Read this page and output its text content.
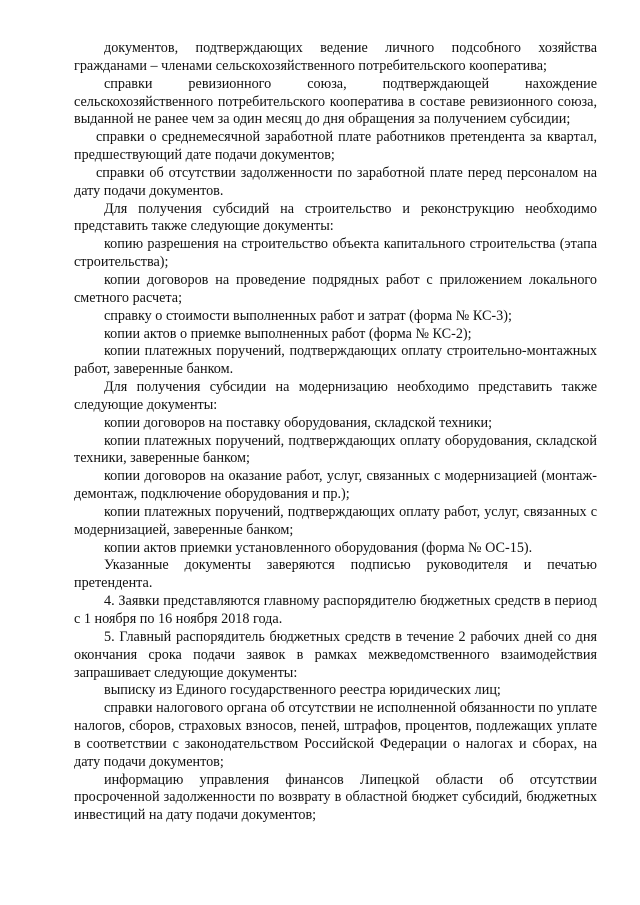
документов, подтверждающих ведение личного подсобного хозяйства гражданами – членами сельскохозяйственного потребительского кооператива;

справки ревизионного союза, подтверждающей нахождение сельскохозяйственного потребительского кооператива в составе ревизионного союза, выданной не ранее чем за один месяц до дня обращения за получением субсидии;

справки о среднемесячной заработной плате работников претендента за квартал, предшествующий дате подачи документов;

справки об отсутствии задолженности по заработной плате перед персоналом на дату подачи документов.

Для получения субсидий на строительство и реконструкцию необходимо представить также следующие документы:

копию разрешения на строительство объекта капитального строительства (этапа строительства);

копии договоров на проведение подрядных работ с приложением локального сметного расчета;

справку о стоимости выполненных работ и затрат (форма № КС-3);

копии актов о приемке выполненных работ (форма № КС-2);

копии платежных поручений, подтверждающих оплату строительно-монтажных работ, заверенные банком.

Для получения субсидии на модернизацию необходимо представить также следующие документы:

копии договоров на поставку оборудования, складской техники;

копии платежных поручений, подтверждающих оплату оборудования, складской техники, заверенные банком;

копии договоров на оказание работ, услуг, связанных с модернизацией (монтаж-демонтаж, подключение оборудования и пр.);

копии платежных поручений, подтверждающих оплату работ, услуг, связанных с модернизацией, заверенные банком;

копии актов приемки установленного оборудования (форма № ОС-15).

Указанные документы заверяются подписью руководителя и печатью претендента.

4. Заявки представляются главному распорядителю бюджетных средств в период с 1 ноября по 16 ноября 2018 года.

5. Главный распорядитель бюджетных средств в течение 2 рабочих дней со дня окончания срока подачи заявок в рамках межведомственного взаимодействия запрашивает следующие документы:

выписку из Единого государственного реестра юридических лиц;

справки налогового органа об отсутствии не исполненной обязанности по уплате налогов, сборов, страховых взносов, пеней, штрафов, процентов, подлежащих уплате в соответствии с законодательством Российской Федерации о налогах и сборах, на дату подачи документов;

информацию управления финансов Липецкой области об отсутствии просроченной задолженности по возврату в областной бюджет субсидий, бюджетных инвестиций на дату подачи документов;
